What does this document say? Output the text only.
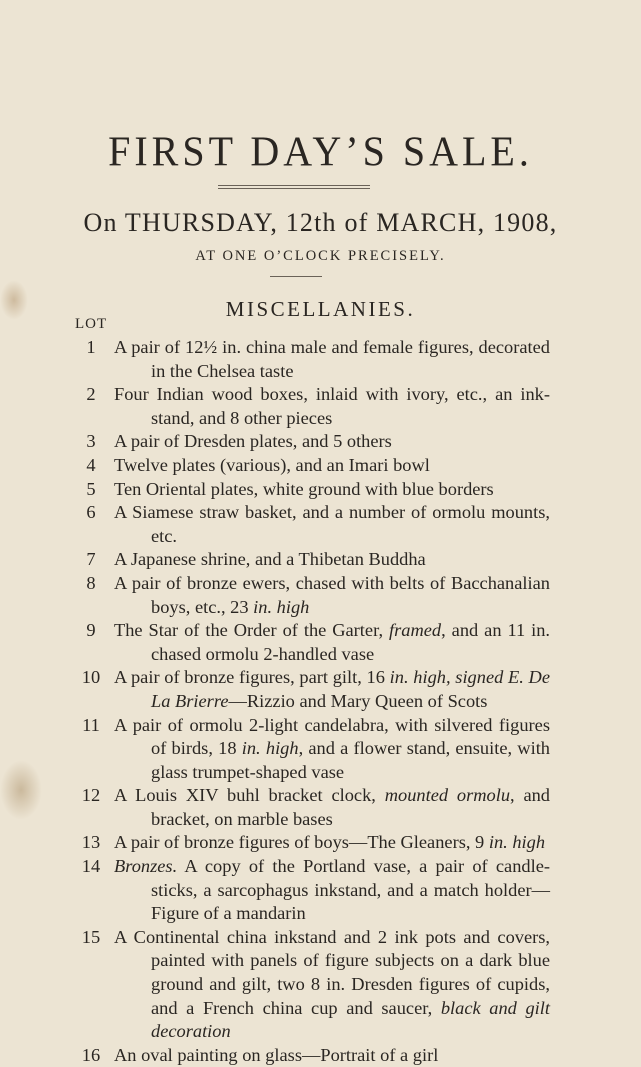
FIRST DAY’S SALE.
On THURSDAY, 12th of MARCH, 1908,
AT ONE O’CLOCK PRECISELY.
MISCELLANIES.
LOT
1	A pair of 12½ in. china male and female figures, decorated in the Chelsea taste
2	Four Indian wood boxes, inlaid with ivory, etc., an ink-stand, and 8 other pieces
3	A pair of Dresden plates, and 5 others
4	Twelve plates (various), and an Imari bowl
5	Ten Oriental plates, white ground with blue borders
6	A Siamese straw basket, and a number of ormolu mounts, etc.
7	A Japanese shrine, and a Thibetan Buddha
8	A pair of bronze ewers, chased with belts of Bacchanalian boys, etc., 23 in. high
9	The Star of the Order of the Garter, framed, and an 11 in. chased ormolu 2-handled vase
10 A pair of bronze figures, part gilt, 16 in. high, signed E. De La Brierre—Rizzio and Mary Queen of Scots
11 A pair of ormolu 2-light candelabra, with silvered figures of birds, 18 in. high, and a flower stand, ensuite, with glass trumpet-shaped vase
12 A Louis XIV buhl bracket clock, mounted ormolu, and bracket, on marble bases
13 A pair of bronze figures of boys—The Gleaners, 9 in. high
14 Bronzes. A copy of the Portland vase, a pair of candle-sticks, a sarcophagus inkstand, and a match holder—Figure of a mandarin
15 A Continental china inkstand and 2 ink pots and covers, painted with panels of figure subjects on a dark blue ground and gilt, two 8 in. Dresden figures of cupids, and a French china cup and saucer, black and gilt decoration
16 An oval painting on glass—Portrait of a girl
